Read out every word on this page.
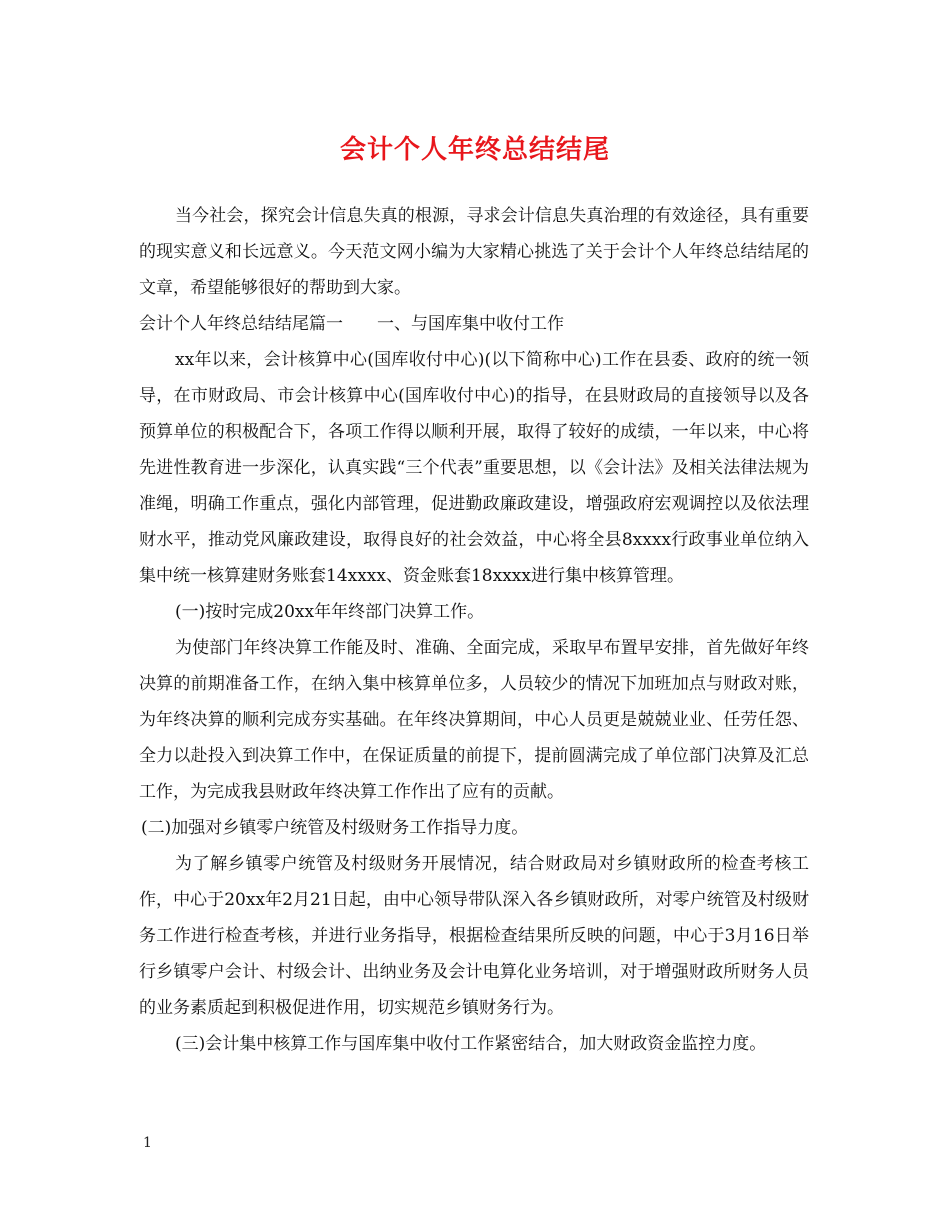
会计个人年终总结结尾

当今社会，探究会计信息失真的根源，寻求会计信息失真治理的有效途径，具有重要的现实意义和长远意义。今天范文网小编为大家精心挑选了关于会计个人年终总结结尾的文章，希望能够很好的帮助到大家。

会计个人年终总结结尾篇一 一、与国库集中收付工作

xx年以来，会计核算中心(国库收付中心)(以下简称中心)工作在县委、政府的统一领导，在市财政局、市会计核算中心(国库收付中心)的指导，在县财政局的直接领导以及各预算单位的积极配合下，各项工作得以顺利开展，取得了较好的成绩，一年以来，中心将先进性教育进一步深化，认真实践“三个代表”重要思想，以《会计法》及相关法律法规为准绳，明确工作重点，强化内部管理，促进勤政廉政建设，增强政府宏观调控以及依法理财水平，推动党风廉政建设，取得良好的社会效益，中心将全县8xxxx行政事业单位纳入集中统一核算建财务账套14xxxx、资金账套18xxxx进行集中核算管理。

(一)按时完成20xx年年终部门决算工作。

为使部门年终决算工作能及时、准确、全面完成，采取早布置早安排，首先做好年终决算的前期准备工作，在纳入集中核算单位多，人员较少的情况下加班加点与财政对账，为年终决算的顺利完成夯实基础。在年终决算期间，中心人员更是兢兢业业、任劳任怨、全力以赴投入到决算工作中，在保证质量的前提下，提前圆满完成了单位部门决算及汇总工作，为完成我县财政年终决算工作作出了应有的贡献。

(二)加强对乡镇零户统管及村级财务工作指导力度。

为了解乡镇零户统管及村级财务开展情况，结合财政局对乡镇财政所的检查考核工作，中心于20xx年2月21日起，由中心领导带队深入各乡镇财政所，对零户统管及村级财务工作进行检查考核，并进行业务指导，根据检查结果所反映的问题，中心于3月16日举行乡镇零户会计、村级会计、出纳业务及会计电算化业务培训，对于增强财政所财务人员的业务素质起到积极促进作用，切实规范乡镇财务行为。

(三)会计集中核算工作与国库集中收付工作紧密结合，加大财政资金监控力度。

1
